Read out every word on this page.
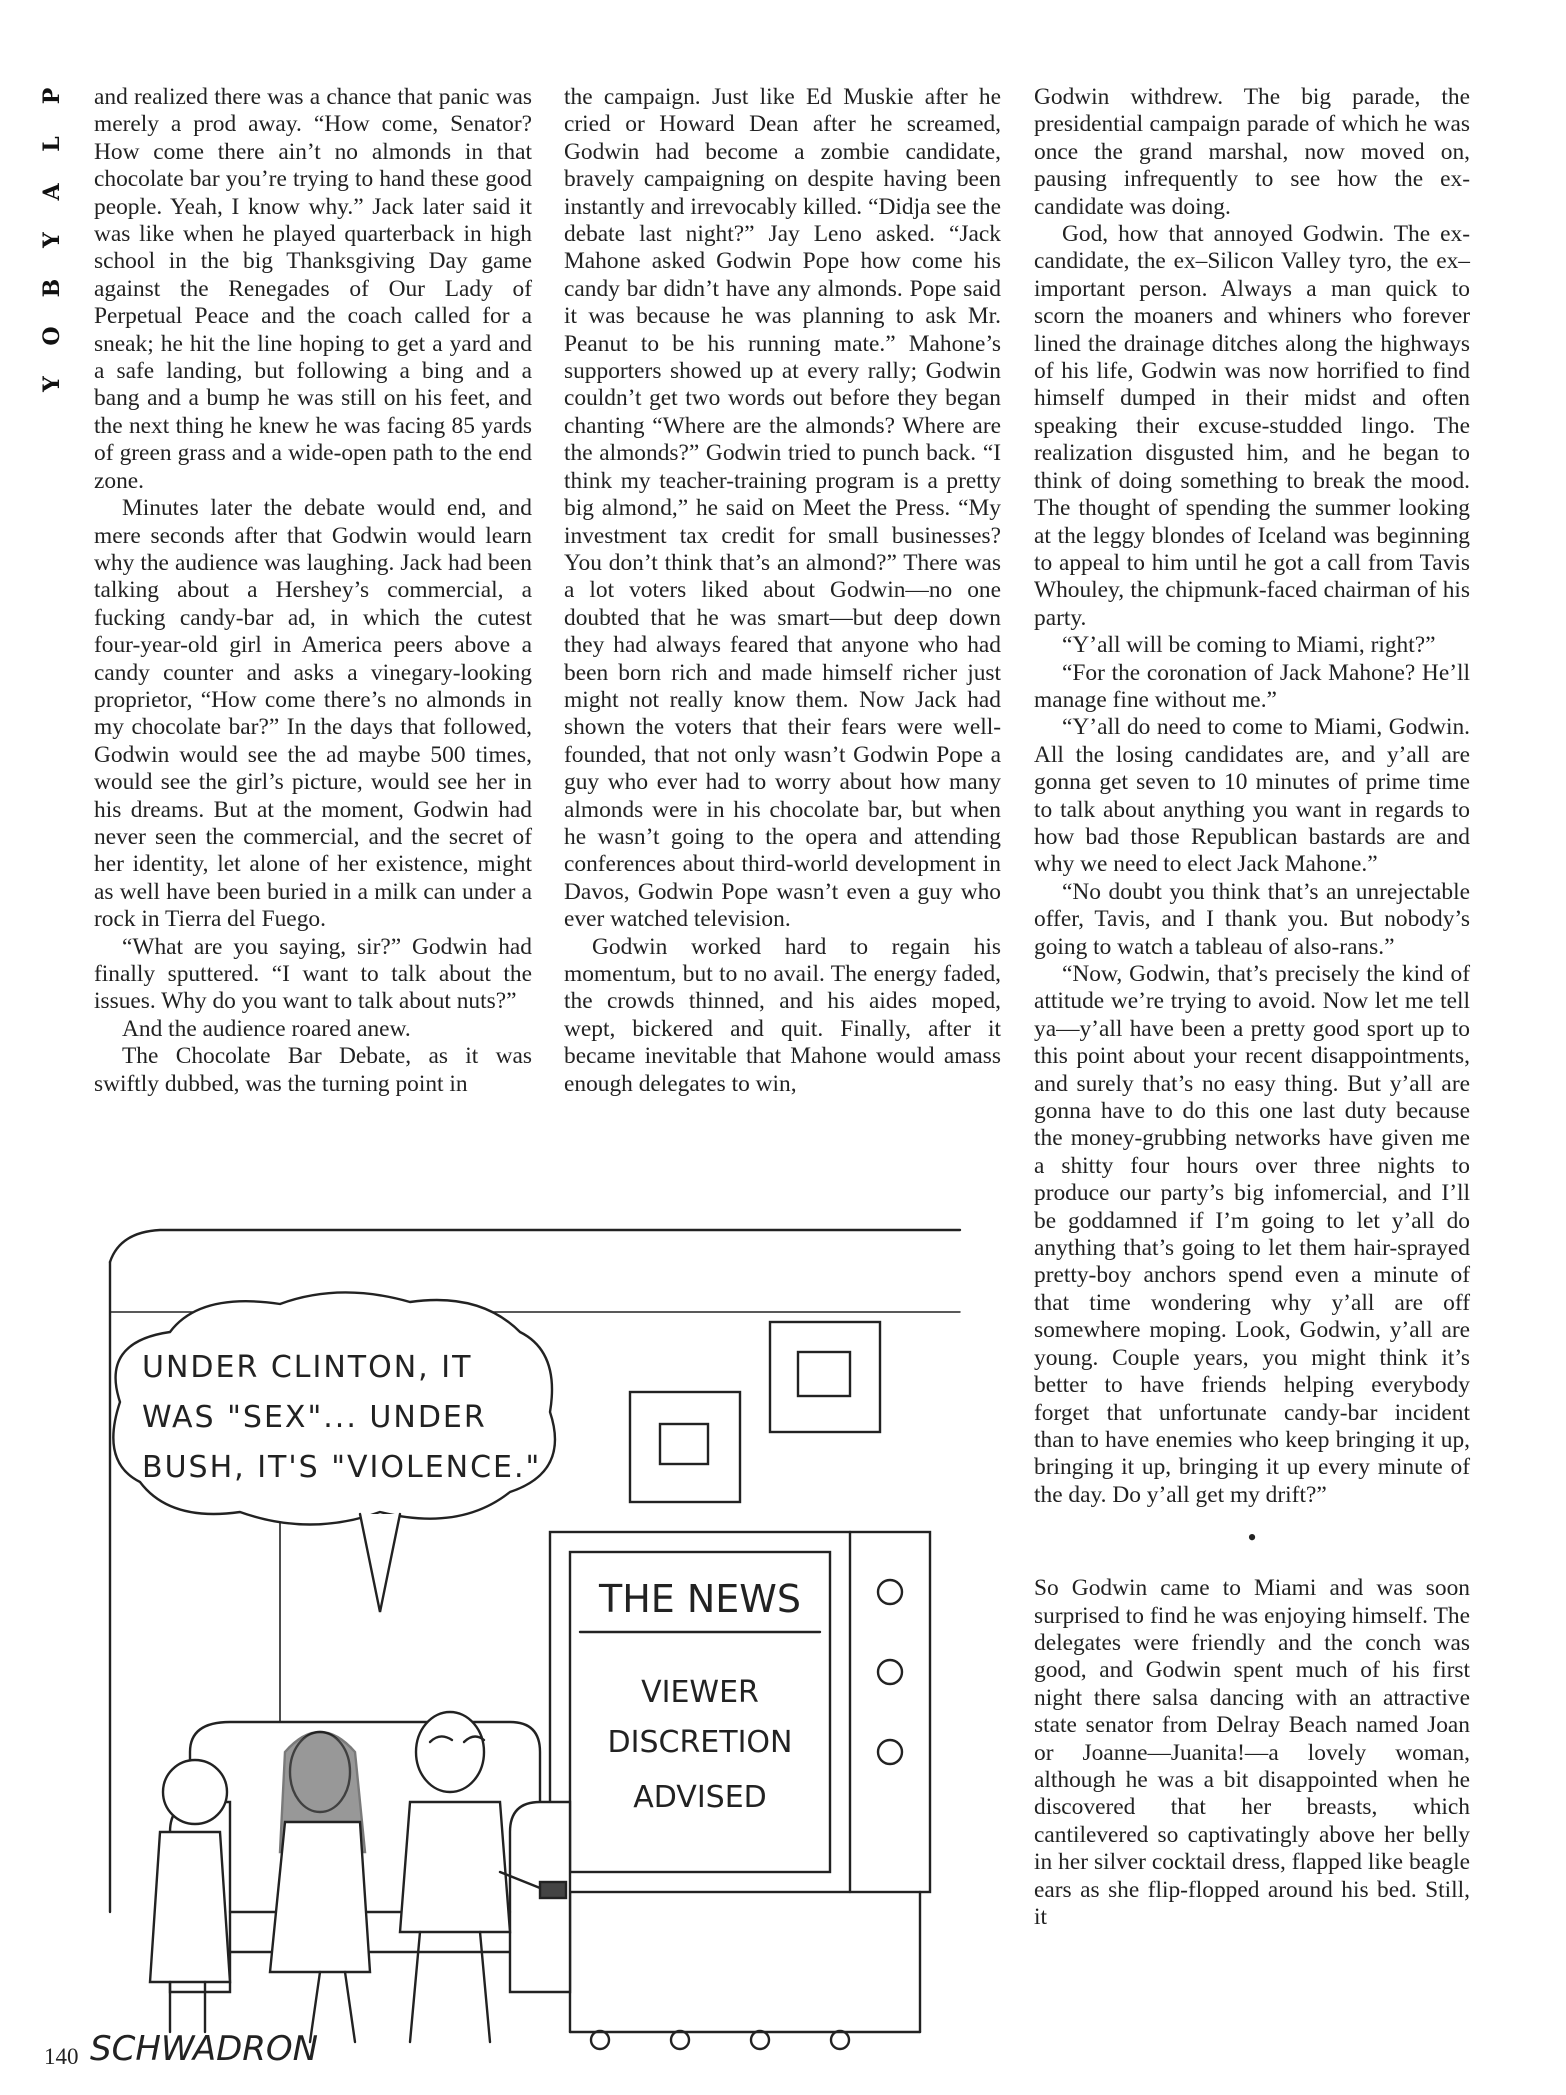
P
L
A
Y
B
O
Y

and realized there was a chance that panic was merely a prod away. “How come, Senator? How come there ain’t no almonds in that chocolate bar you’re trying to hand these good people. Yeah, I know why.” Jack later said it was like when he played quarterback in high school in the big Thanksgiving Day game against the Renegades of Our Lady of Perpetual Peace and the coach called for a sneak; he hit the line hoping to get a yard and a safe landing, but following a bing and a bang and a bump he was still on his feet, and the next thing he knew he was facing 85 yards of green grass and a wide-open path to the end zone.

Minutes later the debate would end, and mere seconds after that Godwin would learn why the audience was laughing. Jack had been talking about a Hershey’s commercial, a fucking candy-bar ad, in which the cutest four-year-old girl in America peers above a candy counter and asks a vinegary-looking proprietor, “How come there’s no almonds in my chocolate bar?” In the days that followed, Godwin would see the ad maybe 500 times, would see the girl’s picture, would see her in his dreams. But at the moment, Godwin had never seen the commercial, and the secret of her identity, let alone of her existence, might as well have been buried in a milk can under a rock in Tierra del Fuego.

“What are you saying, sir?” Godwin had finally sputtered. “I want to talk about the issues. Why do you want to talk about nuts?”

And the audience roared anew.

The Chocolate Bar Debate, as it was swiftly dubbed, was the turning point in

the campaign. Just like Ed Muskie after he cried or Howard Dean after he screamed, Godwin had become a zombie candidate, bravely campaigning on despite having been instantly and irrevocably killed. “Didja see the debate last night?” Jay Leno asked. “Jack Mahone asked Godwin Pope how come his candy bar didn’t have any almonds. Pope said it was because he was planning to ask Mr. Peanut to be his running mate.” Mahone’s supporters showed up at every rally; Godwin couldn’t get two words out before they began chanting “Where are the almonds? Where are the almonds?” Godwin tried to punch back. “I think my teacher-training program is a pretty big almond,” he said on Meet the Press. “My investment tax credit for small businesses? You don’t think that’s an almond?” There was a lot voters liked about Godwin—no one doubted that he was smart—but deep down they had always feared that anyone who had been born rich and made himself richer just might not really know them. Now Jack had shown the voters that their fears were well-founded, that not only wasn’t Godwin Pope a guy who ever had to worry about how many almonds were in his chocolate bar, but when he wasn’t going to the opera and attending conferences about third-world development in Davos, Godwin Pope wasn’t even a guy who ever watched television.

Godwin worked hard to regain his momentum, but to no avail. The energy faded, the crowds thinned, and his aides moped, wept, bickered and quit. Finally, after it became inevitable that Mahone would amass enough delegates to win,

Godwin withdrew. The big parade, the presidential campaign parade of which he was once the grand marshal, now moved on, pausing infrequently to see how the ex-candidate was doing.

God, how that annoyed Godwin. The ex-candidate, the ex–Silicon Valley tyro, the ex–important person. Always a man quick to scorn the moaners and whiners who forever lined the drainage ditches along the highways of his life, Godwin was now horrified to find himself dumped in their midst and often speaking their excuse-studded lingo. The realization disgusted him, and he began to think of doing something to break the mood. The thought of spending the summer looking at the leggy blondes of Iceland was beginning to appeal to him until he got a call from Tavis Whouley, the chipmunk-faced chairman of his party.

“Y’all will be coming to Miami, right?”

“For the coronation of Jack Mahone? He’ll manage fine without me.”

“Y’all do need to come to Miami, Godwin. All the losing candidates are, and y’all are gonna get seven to 10 minutes of prime time to talk about anything you want in regards to how bad those Republican bastards are and why we need to elect Jack Mahone.”

“No doubt you think that’s an unrejectable offer, Tavis, and I thank you. But nobody’s going to watch a tableau of also-rans.”

“Now, Godwin, that’s precisely the kind of attitude we’re trying to avoid. Now let me tell ya—y’all have been a pretty good sport up to this point about your recent disappointments, and surely that’s no easy thing. But y’all are gonna have to do this one last duty because the money-grubbing networks have given me a shitty four hours over three nights to produce our party’s big infomercial, and I’ll be goddamned if I’m going to let y’all do anything that’s going to let them hair-sprayed pretty-boy anchors spend even a minute of that time wondering why y’all are off somewhere moping. Look, Godwin, y’all are young. Couple years, you might think it’s better to have friends helping everybody forget that unfortunate candy-bar incident than to have enemies who keep bringing it up, bringing it up, bringing it up every minute of the day. Do y’all get my drift?”

•

So Godwin came to Miami and was soon surprised to find he was enjoying himself. The delegates were friendly and the conch was good, and Godwin spent much of his first night there salsa dancing with an attractive state senator from Delray Beach named Joan or Joanne—Juanita!—a lovely woman, although he was a bit disappointed when he discovered that her breasts, which cantilevered so captivatingly above her belly in her silver cocktail dress, flapped like beagle ears as she flip-flopped around his bed. Still, it

UNDER CLINTON, IT
WAS "SEX"... UNDER
BUSH, IT'S "VIOLENCE."
THE NEWS
VIEWER
DISCRETION
ADVISED
SCHWADRON
140
